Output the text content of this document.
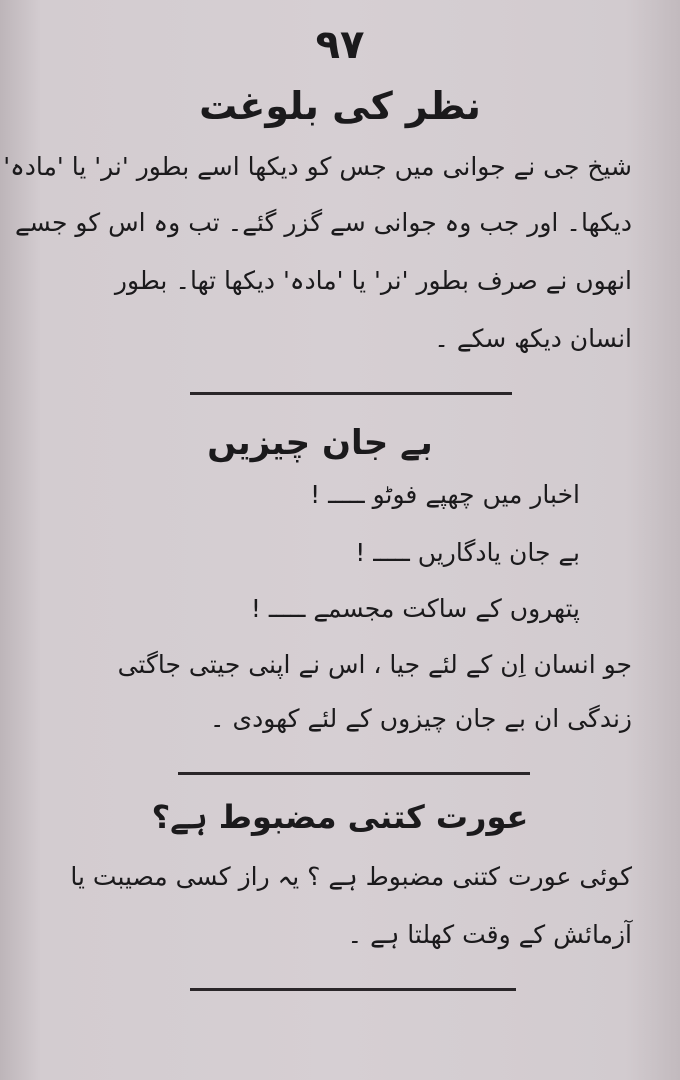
۹۷
نظر کی بلوغت
شیخ جی نے جوانی میں جس کو دیکھا اسے بطور 'نر' یا 'مادہ'
دیکھا۔ اور جب وہ جوانی سے گزر گئے۔ تب وہ اس کو جسے
انھوں نے صرف بطور 'نر' یا 'مادہ' دیکھا تھا۔ بطور
انسان دیکھ سکے ۔
بے جان چیزیں
اخبار میں چھپے فوٹو ـــــ !
بے جان یادگاریں ـــــ !
پتھروں کے ساکت مجسمے ـــــ !
جو انسان اِن کے لئے جیا ، اس نے اپنی جیتی جاگتی
زندگی ان بے جان چیزوں کے لئے کھودی ۔
عورت کتنی مضبوط ہے؟
کوئی عورت کتنی مضبوط ہے ؟ یہ راز کسی مصیبت یا
آزمائش کے وقت کھلتا ہے ۔
